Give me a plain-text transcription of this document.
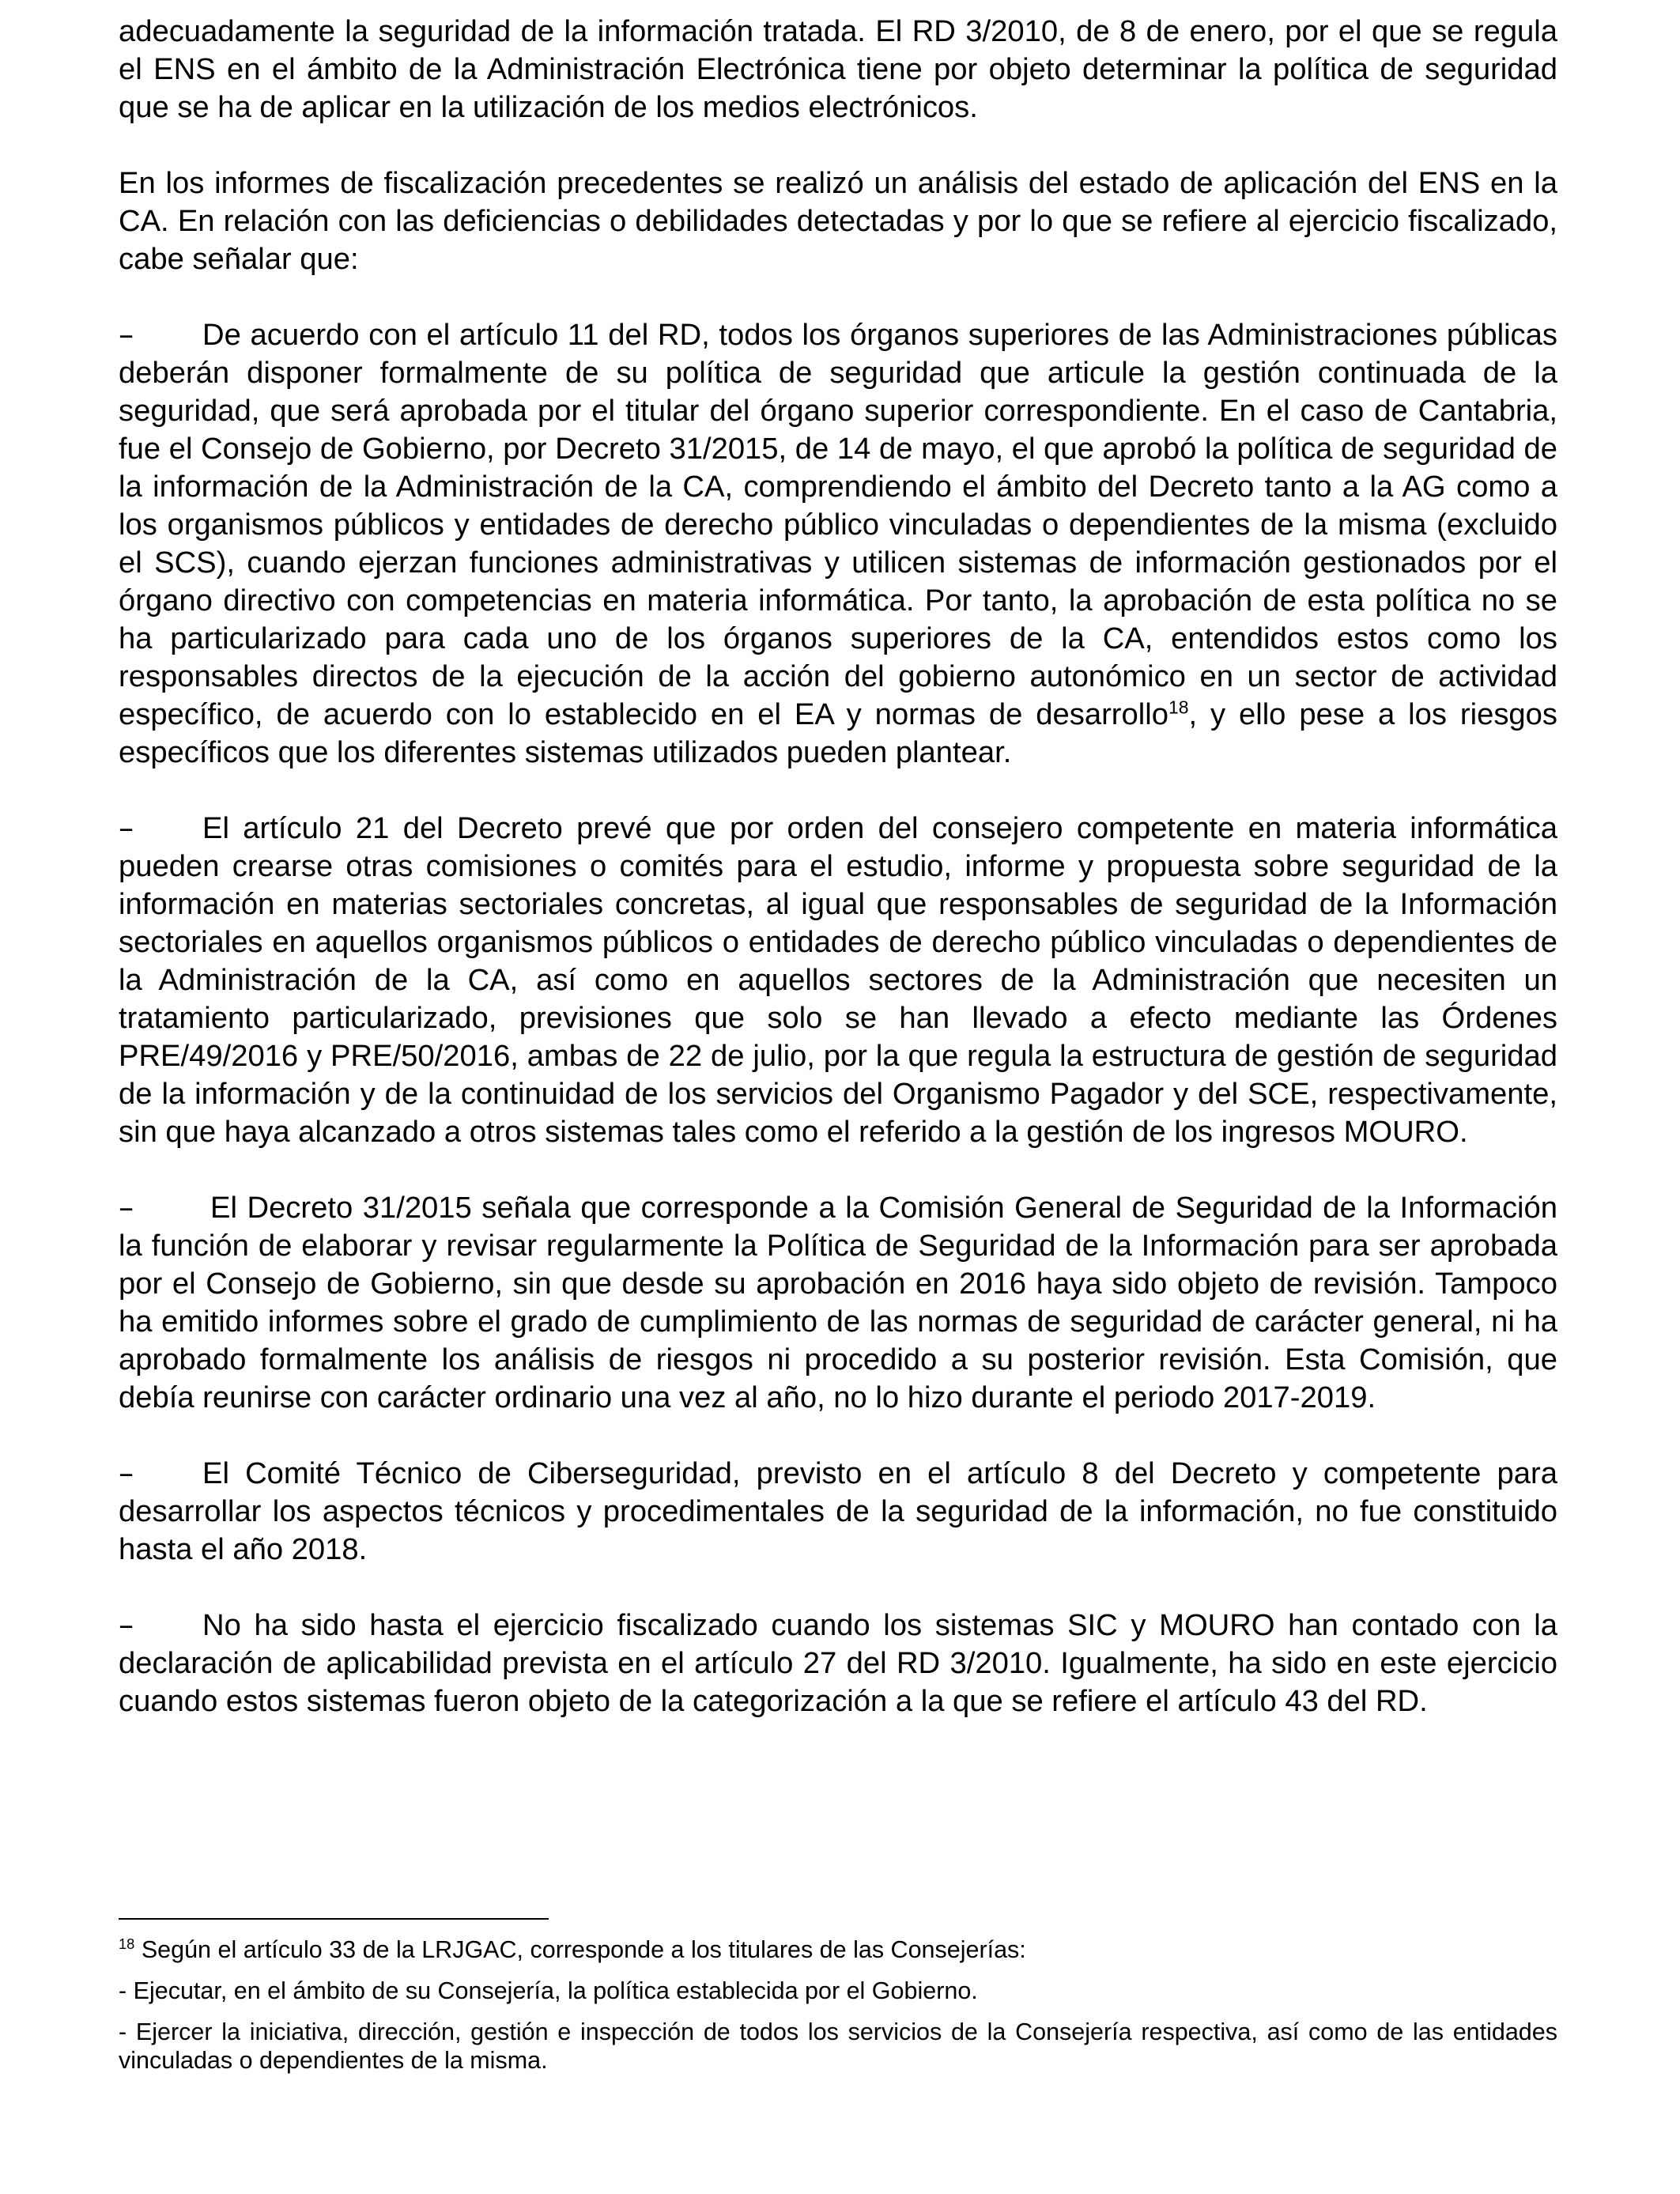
adecuadamente la seguridad de la información tratada. El RD 3/2010, de 8 de enero, por el que se regula el ENS en el ámbito de la Administración Electrónica tiene por objeto determinar la política de seguridad que se ha de aplicar en la utilización de los medios electrónicos.

En los informes de fiscalización precedentes se realizó un análisis del estado de aplicación del ENS en la CA. En relación con las deficiencias o debilidades detectadas y por lo que se refiere al ejercicio fiscalizado, cabe señalar que:

– De acuerdo con el artículo 11 del RD, todos los órganos superiores de las Administraciones públicas deberán disponer formalmente de su política de seguridad que articule la gestión continuada de la seguridad, que será aprobada por el titular del órgano superior correspondiente. En el caso de Cantabria, fue el Consejo de Gobierno, por Decreto 31/2015, de 14 de mayo, el que aprobó la política de seguridad de la información de la Administración de la CA, comprendiendo el ámbito del Decreto tanto a la AG como a los organismos públicos y entidades de derecho público vinculadas o dependientes de la misma (excluido el SCS), cuando ejerzan funciones administrativas y utilicen sistemas de información gestionados por el órgano directivo con competencias en materia informática. Por tanto, la aprobación de esta política no se ha particularizado para cada uno de los órganos superiores de la CA, entendidos estos como los responsables directos de la ejecución de la acción del gobierno autonómico en un sector de actividad específico, de acuerdo con lo establecido en el EA y normas de desarrollo$^{18}$, y ello pese a los riesgos específicos que los diferentes sistemas utilizados pueden plantear.
– El artículo 21 del Decreto prevé que por orden del consejero competente en materia informática pueden crearse otras comisiones o comités para el estudio, informe y propuesta sobre seguridad de la información en materias sectoriales concretas, al igual que responsables de seguridad de la Información sectoriales en aquellos organismos públicos o entidades de derecho público vinculadas o dependientes de la Administración de la CA, así como en aquellos sectores de la Administración que necesiten un tratamiento particularizado, previsiones que solo se han llevado a efecto mediante las Órdenes PRE/49/2016 y PRE/50/2016, ambas de 22 de julio, por la que regula la estructura de gestión de seguridad de la información y de la continuidad de los servicios del Organismo Pagador y del SCE, respectivamente, sin que haya alcanzado a otros sistemas tales como el referido a la gestión de los ingresos MOURO.
–	El Decreto 31/2015 señala que corresponde a la Comisión General de Seguridad de la Información la función de elaborar y revisar regularmente la Política de Seguridad de la Información para ser aprobada por el Consejo de Gobierno, sin que desde su aprobación en 2016 haya sido objeto de revisión. Tampoco ha emitido informes sobre el grado de cumplimiento de las normas de seguridad de carácter general, ni ha aprobado formalmente los análisis de riesgos ni procedido a su posterior revisión. Esta Comisión, que debía reunirse con carácter ordinario una vez al año, no lo hizo durante el periodo 2017-2019.
– El Comité Técnico de Ciberseguridad, previsto en el artículo 8 del Decreto y competente para desarrollar los aspectos técnicos y procedimentales de la seguridad de la información, no fue constituido hasta el año 2018.
– No ha sido hasta el ejercicio fiscalizado cuando los sistemas SIC y MOURO han contado con la declaración de aplicabilidad prevista en el artículo 27 del RD 3/2010. Igualmente, ha sido en este ejercicio cuando estos sistemas fueron objeto de la categorización a la que se refiere el artículo 43 del RD.

$^{18}$ Según el artículo 33 de la LRJGAC, corresponde a los titulares de las Consejerías:

- Ejecutar, en el ámbito de su Consejería, la política establecida por el Gobierno.

- Ejercer la iniciativa, dirección, gestión e inspección de todos los servicios de la Consejería respectiva, así como de las entidades vinculadas o dependientes de la misma.
